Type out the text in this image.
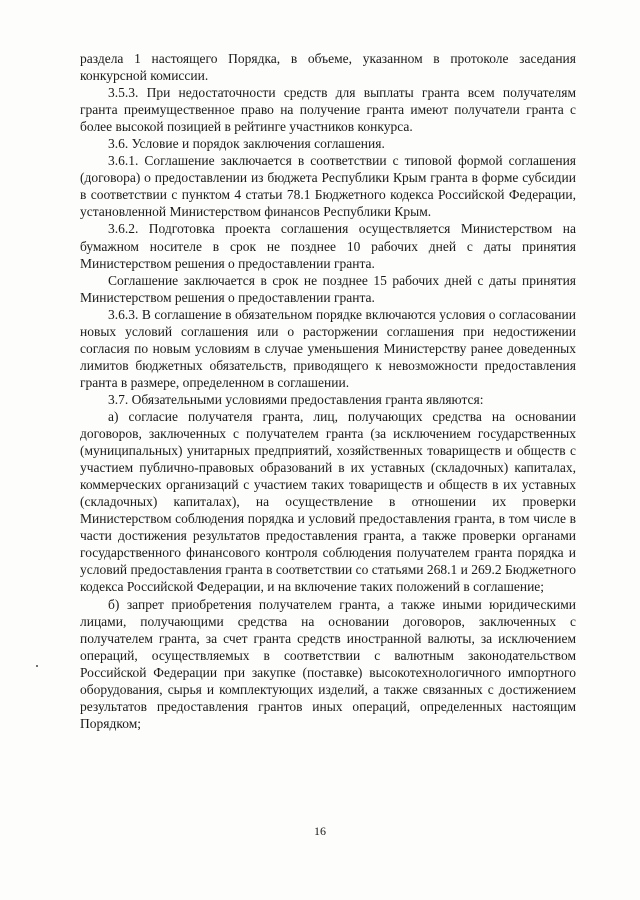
раздела 1 настоящего Порядка, в объеме, указанном в протоколе заседания конкурсной комиссии.

3.5.3. При недостаточности средств для выплаты гранта всем получателям гранта преимущественное право на получение гранта имеют получатели гранта с более высокой позицией в рейтинге участников конкурса.

3.6. Условие и порядок заключения соглашения.

3.6.1. Соглашение заключается в соответствии с типовой формой соглашения (договора) о предоставлении из бюджета Республики Крым гранта в форме субсидии в соответствии с пунктом 4 статьи 78.1 Бюджетного кодекса Российской Федерации, установленной Министерством финансов Республики Крым.

3.6.2. Подготовка проекта соглашения осуществляется Министерством на бумажном носителе в срок не позднее 10 рабочих дней с даты принятия Министерством решения о предоставлении гранта.

Соглашение заключается в срок не позднее 15 рабочих дней с даты принятия Министерством решения о предоставлении гранта.

3.6.3. В соглашение в обязательном порядке включаются условия о согласовании новых условий соглашения или о расторжении соглашения при недостижении согласия по новым условиям в случае уменьшения Министерству ранее доведенных лимитов бюджетных обязательств, приводящего к невозможности предоставления гранта в размере, определенном в соглашении.

3.7. Обязательными условиями предоставления гранта являются:

а) согласие получателя гранта, лиц, получающих средства на основании договоров, заключенных с получателем гранта (за исключением государственных (муниципальных) унитарных предприятий, хозяйственных товариществ и обществ с участием публично-правовых образований в их уставных (складочных) капиталах, коммерческих организаций с участием таких товариществ и обществ в их уставных (складочных) капиталах), на осуществление в отношении их проверки Министерством соблюдения порядка и условий предоставления гранта, в том числе в части достижения результатов предоставления гранта, а также проверки органами государственного финансового контроля соблюдения получателем гранта порядка и условий предоставления гранта в соответствии со статьями 268.1 и 269.2 Бюджетного кодекса Российской Федерации, и на включение таких положений в соглашение;

б) запрет приобретения получателем гранта, а также иными юридическими лицами, получающими средства на основании договоров, заключенных с получателем гранта, за счет гранта средств иностранной валюты, за исключением операций, осуществляемых в соответствии с валютным законодательством Российской Федерации при закупке (поставке) высокотехнологичного импортного оборудования, сырья и комплектующих изделий, а также связанных с достижением результатов предоставления грантов иных операций, определенных настоящим Порядком;

16
